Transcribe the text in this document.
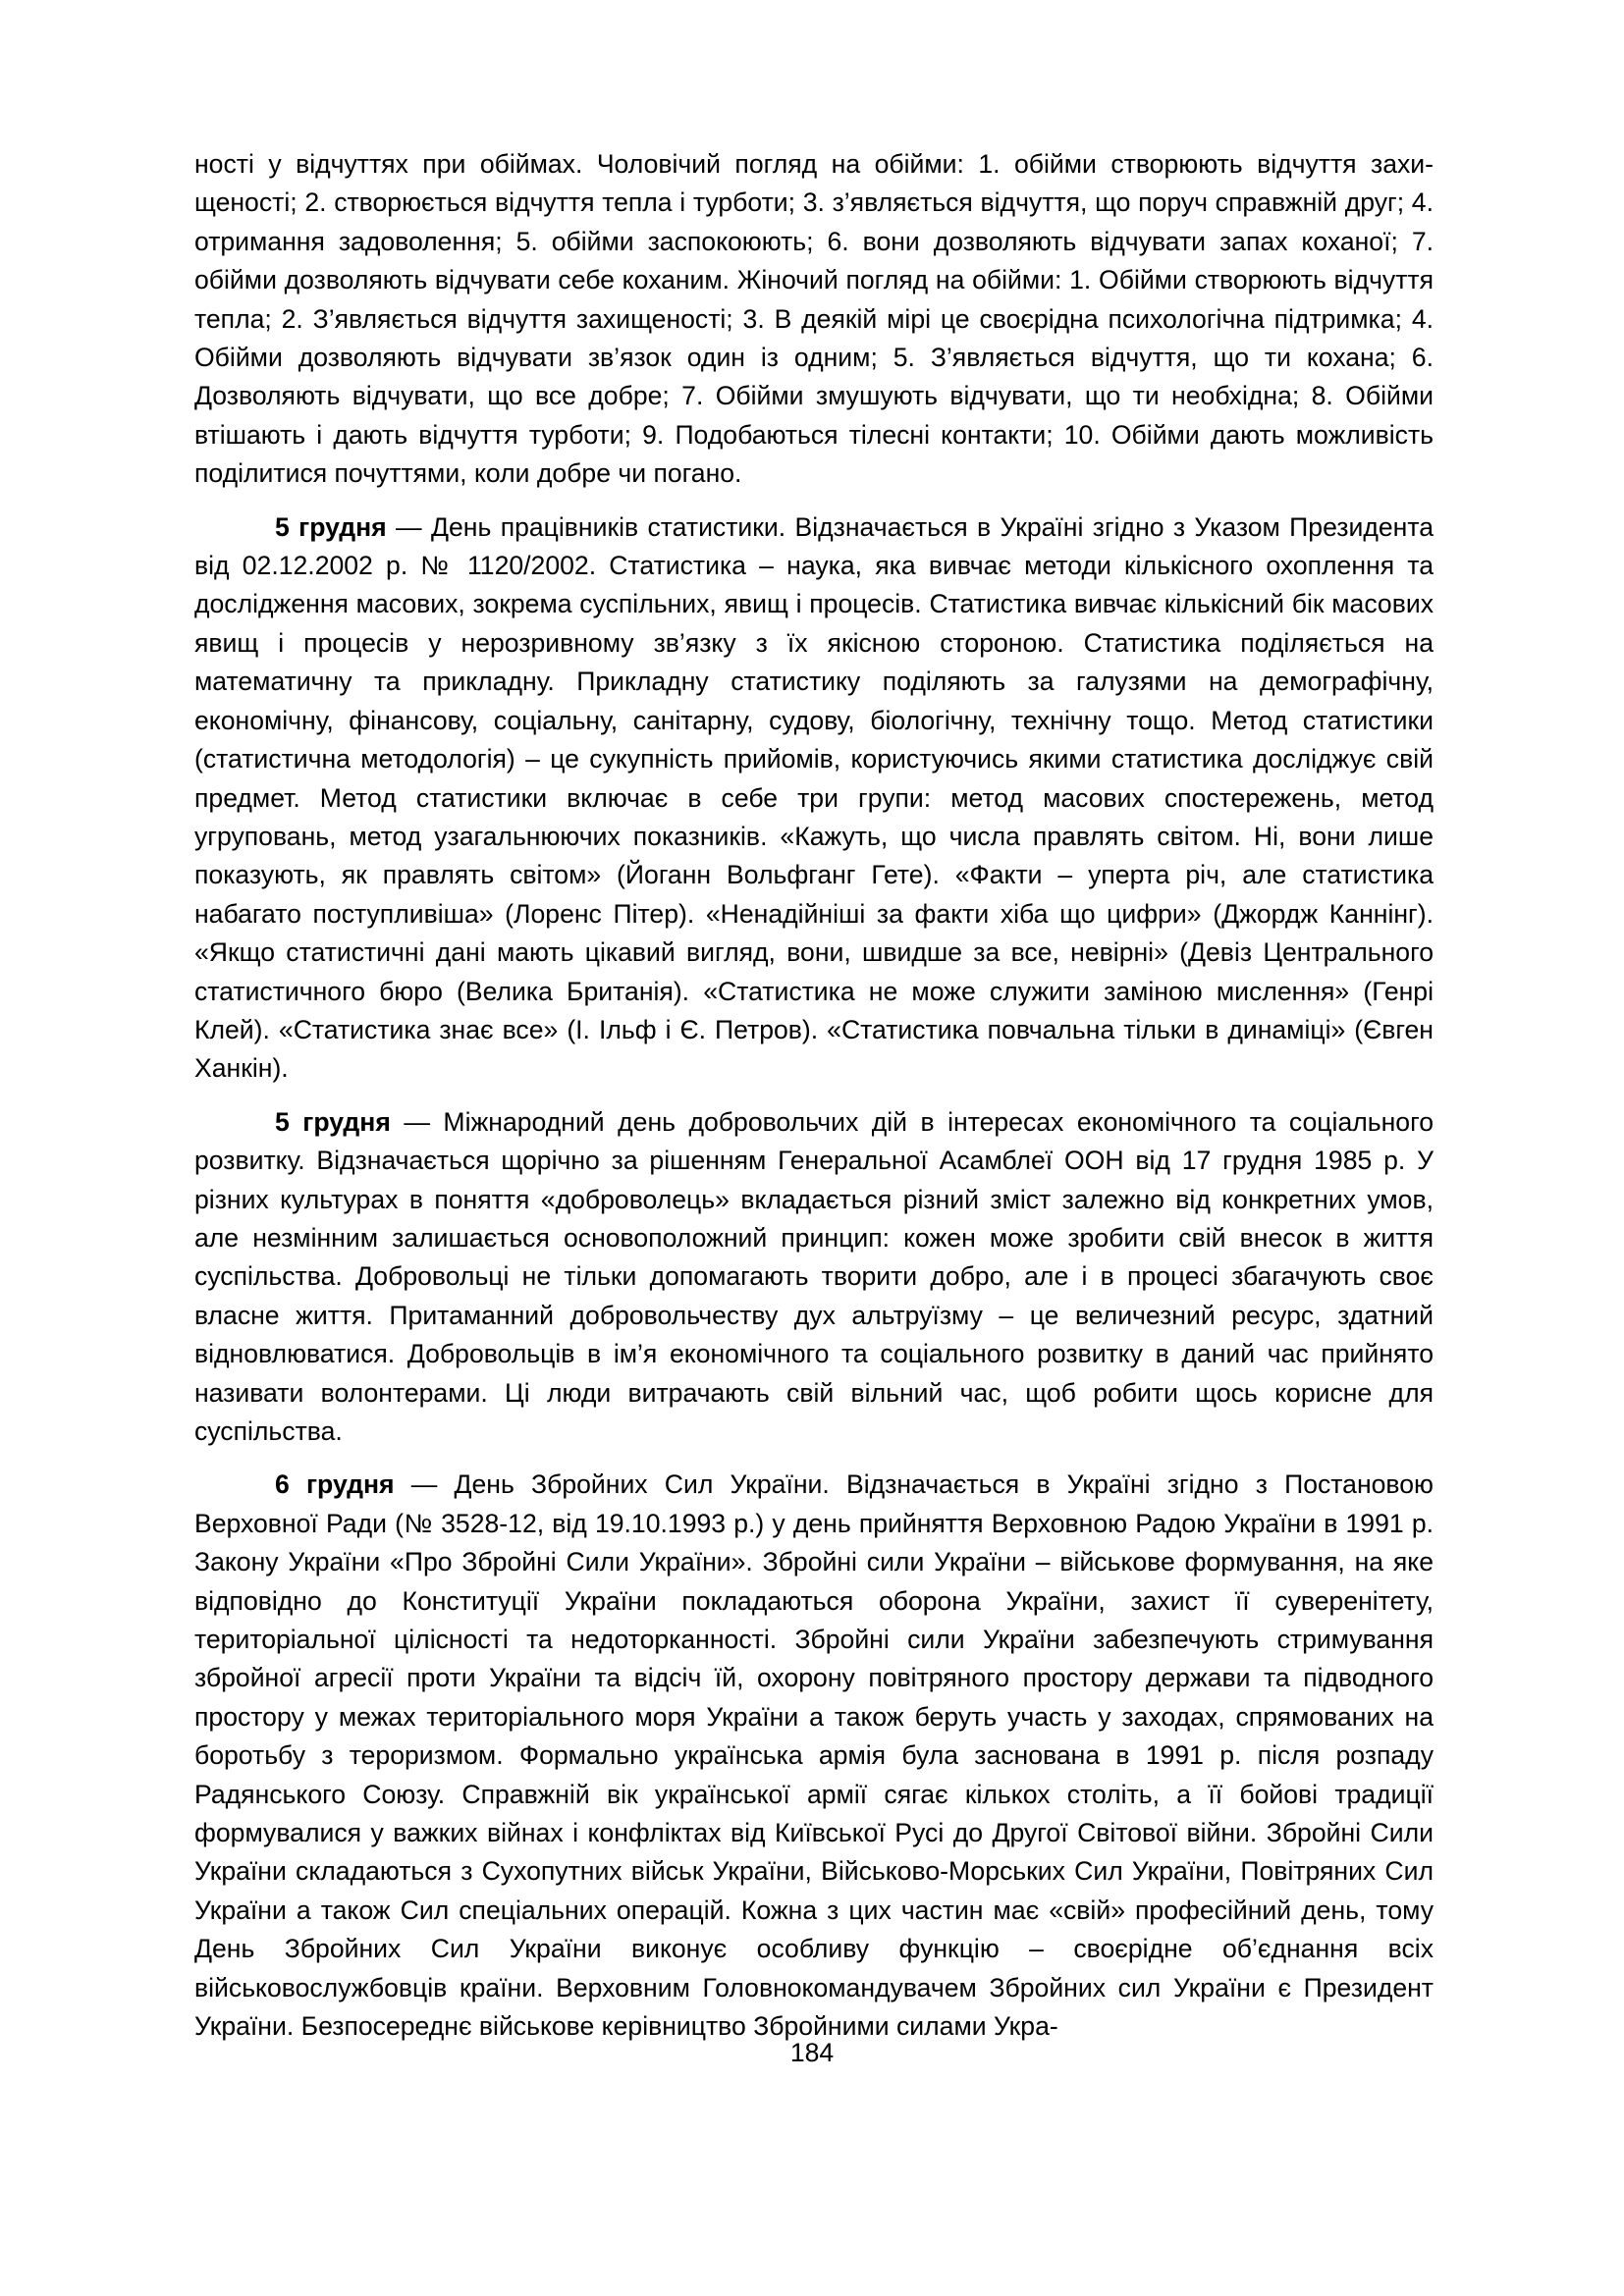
ності у відчуттях при обіймах. Чоловічий погляд на обійми: 1. обійми створюють відчуття захищеності; 2. створюється відчуття тепла і турботи; 3. з’являється відчуття, що поруч справжній друг; 4. отримання задоволення; 5. обійми заспокоюють; 6. вони дозволяють відчувати запах коханої; 7. обійми дозволяють відчувати себе коханим. Жіночий погляд на обійми: 1. Обійми створюють відчуття тепла; 2. З’являється відчуття захищеності; 3. В деякій мірі це своєрідна психологічна підтримка; 4. Обійми дозволяють відчувати зв’язок один із одним; 5. З’являється відчуття, що ти кохана; 6. Дозволяють відчувати, що все добре; 7. Обійми змушують відчувати, що ти необхідна; 8. Обійми втішають і дають відчуття турботи; 9. Подобаються тілесні контакти; 10. Обійми дають можливість поділитися почуттями, коли добре чи погано.

5 грудня — День працівників статистики. Відзначається в Україні згідно з Указом Президента від 02.12.2002 р. № 1120/2002. Статистика – наука, яка вивчає методи кількісного охоплення та дослідження масових, зокрема суспільних, явищ і процесів. Статистика вивчає кількісний бік масових явищ і процесів у нерозривному зв’язку з їх якісною стороною. Статистика поділяється на математичну та прикладну. Прикладну статистику поділяють за галузями на демографічну, економічну, фінансову, соціальну, санітарну, судову, біологічну, технічну тощо. Метод статистики (статистична методологія) – це сукупність прийомів, користуючись якими статистика досліджує свій предмет. Метод статистики включає в себе три групи: метод масових спостережень, метод угруповань, метод узагальнюючих показників. «Кажуть, що числа правлять світом. Ні, вони лише показують, як правлять світом» (Йоганн Вольфганг Гете). «Факти – уперта річ, але статистика набагато поступливіша» (Лоренс Пітер). «Ненадійніші за факти хіба що цифри» (Джордж Каннінг). «Якщо статистичні дані мають цікавий вигляд, вони, швидше за все, невірні» (Девіз Центрального статистичного бюро (Велика Британія). «Статистика не може служити заміною мислення» (Генрі Клей). «Статистика знає все» (І. Ільф і Є. Петров). «Статистика повчальна тільки в динаміці» (Євген Ханкін).

5 грудня — Міжнародний день добровольчих дій в інтересах економічного та соціального розвитку. Відзначається щорічно за рішенням Генеральної Асамблеї ООН від 17 грудня 1985 р. У різних культурах в поняття «доброволець» вкладається різний зміст залежно від конкретних умов, але незмінним залишається основоположний принцип: кожен може зробити свій внесок в життя суспільства. Добровольці не тільки допомагають творити добро, але і в процесі збагачують своє власне життя. Притаманний добровольчеству дух альтруїзму – це величезний ресурс, здатний відновлюватися. Добровольців в ім’я економічного та соціального розвитку в даний час прийнято називати волонтерами. Ці люди витрачають свій вільний час, щоб робити щось корисне для суспільства.

6 грудня — День Збройних Сил України. Відзначається в Україні згідно з Постановою Верховної Ради (№ 3528-12, від 19.10.1993 р.) у день прийняття Верховною Радою України в 1991 р. Закону України «Про Збройні Сили України». Збройні сили України – військове формування, на яке відповідно до Конституції України покладаються оборона України, захист її суверенітету, територіальної цілісності та недоторканності. Збройні сили України забезпечують стримування збройної агресії проти України та відсіч їй, охорону повітряного простору держави та підводного простору у межах територіального моря України а також беруть участь у заходах, спрямованих на боротьбу з тероризмом. Формально українська армія була заснована в 1991 р. після розпаду Радянського Союзу. Справжній вік української армії сягає кількох століть, а її бойові традиції формувалися у важких війнах і конфліктах від Київської Русі до Другої Світової війни. Збройні Сили України складаються з Сухопутних військ України, Військово-Морських Сил України, Повітряних Сил України а також Сил спеціальних операцій. Кожна з цих частин має «свій» професійний день, тому День Збройних Сил України виконує особливу функцію – своєрідне об’єднання всіх військовослужбовців країни. Верховним Головнокомандувачем Збройних сил України є Президент України. Безпосереднє військове керівництво Збройними силами Укра-

184
